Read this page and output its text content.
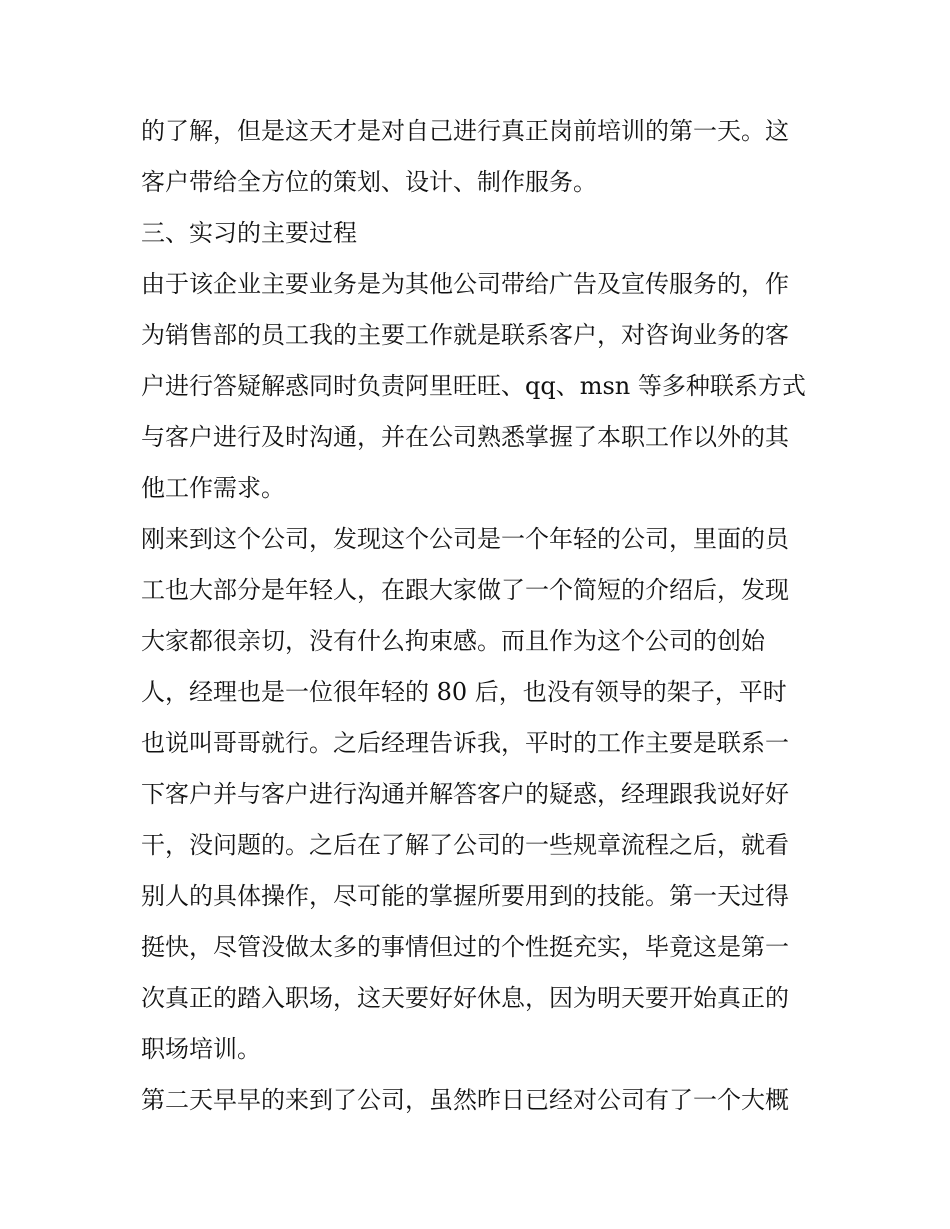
的了解，但是这天才是对自己进行真正岗前培训的第一天。这
客户带给全方位的策划、设计、制作服务。
三、实习的主要过程
由于该企业主要业务是为其他公司带给广告及宣传服务的，作
为销售部的员工我的主要工作就是联系客户，对咨询业务的客
户进行答疑解惑同时负责阿里旺旺、qq、msn 等多种联系方式
与客户进行及时沟通，并在公司熟悉掌握了本职工作以外的其
他工作需求。
刚来到这个公司，发现这个公司是一个年轻的公司，里面的员
工也大部分是年轻人，在跟大家做了一个简短的介绍后，发现
大家都很亲切，没有什么拘束感。而且作为这个公司的创始
人，经理也是一位很年轻的 80 后，也没有领导的架子，平时
也说叫哥哥就行。之后经理告诉我，平时的工作主要是联系一
下客户并与客户进行沟通并解答客户的疑惑，经理跟我说好好
干，没问题的。之后在了解了公司的一些规章流程之后，就看
别人的具体操作，尽可能的掌握所要用到的技能。第一天过得
挺快，尽管没做太多的事情但过的个性挺充实，毕竟这是第一
次真正的踏入职场，这天要好好休息，因为明天要开始真正的
职场培训。
第二天早早的来到了公司，虽然昨日已经对公司有了一个大概
